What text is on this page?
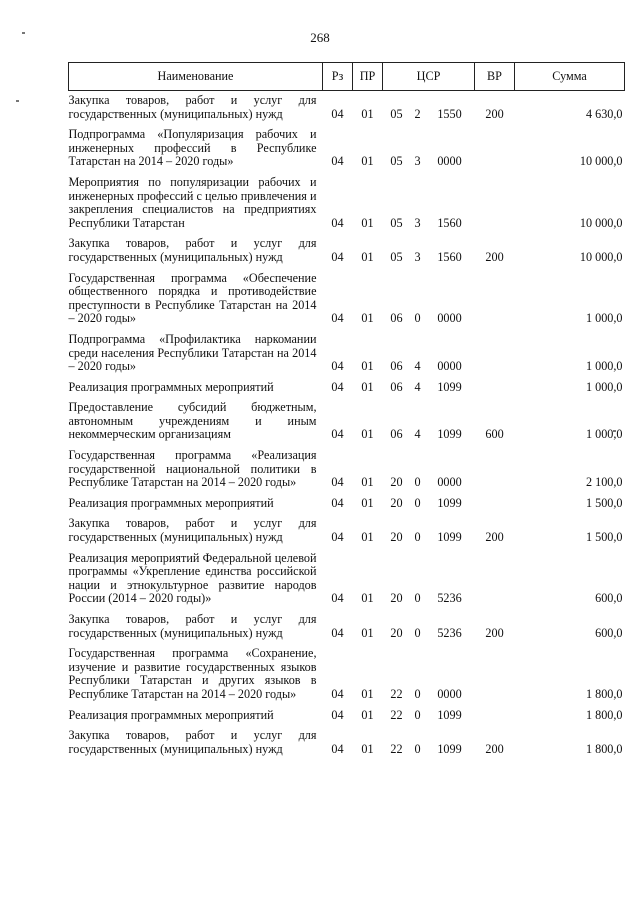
268
Наименование	Рз	ПР	ЦСР			ВР	Сумма

Закупка товаров, работ и услуг для государственных (муниципальных) нужд	04	01	05	2	1550	200	4 630,0

Подпрограмма «Популяризация рабочих и инженерных профессий в Республике Татарстан на 2014 – 2020 годы»	04	01	05	3	0000		10 000,0

Мероприятия по популяризации рабочих и инженерных профессий с целью привлечения и закрепления специалистов на предприятиях Республики Татарстан	04	01	05	3	1560		10 000,0

Закупка товаров, работ и услуг для государственных (муниципальных) нужд	04	01	05	3	1560	200	10 000,0

Государственная программа «Обеспечение общественного порядка и противодействие преступности в Республике Татарстан на 2014 – 2020 годы»	04	01	06	0	0000		1 000,0

Подпрограмма «Профилактика наркомании среди населения Республики Татарстан на 2014 – 2020 годы»	04	01	06	4	0000		1 000,0

Реализация программных мероприятий	04	01	06	4	1099		1 000,0

Предоставление субсидий бюджетным, автономным учреждениям и иным некоммерческим организациям	04	01	06	4	1099	600	1 000,0

Государственная программа «Реализация государственной национальной политики в Республике Татарстан на 2014 – 2020 годы»	04	01	20	0	0000		2 100,0

Реализация программных мероприятий	04	01	20	0	1099		1 500,0

Закупка товаров, работ и услуг для государственных (муниципальных) нужд	04	01	20	0	1099	200	1 500,0

Реализация мероприятий Федеральной целевой программы «Укрепление единства российской нации и этнокультурное развитие народов России (2014 – 2020 годы)»	04	01	20	0	5236		600,0

Закупка товаров, работ и услуг для государственных (муниципальных) нужд	04	01	20	0	5236	200	600,0

Государственная программа «Сохранение, изучение и развитие государственных языков Республики Татарстан и других языков в Республике Татарстан на 2014 – 2020 годы»	04	01	22	0	0000		1 800,0

Реализация программных мероприятий	04	01	22	0	1099		1 800,0

Закупка товаров, работ и услуг для государственных (муниципальных) нужд	04	01	22	0	1099	200	1 800,0
